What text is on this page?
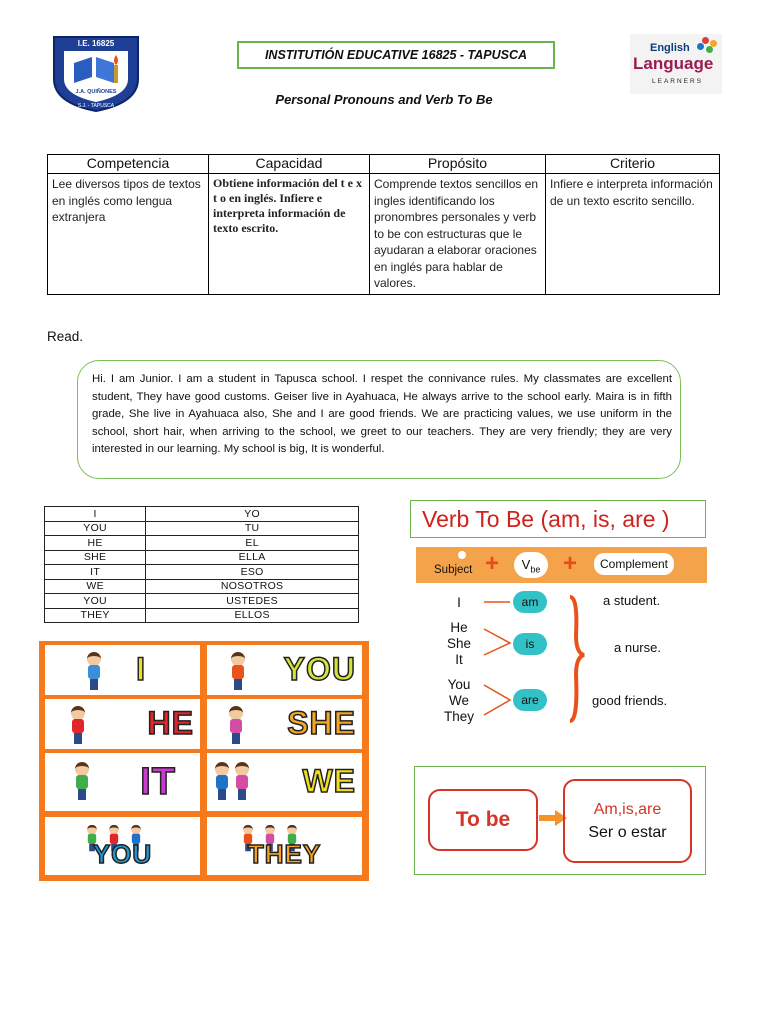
I.E. 16825
J.A. QUIÑONES
S.J. - TAPUSCA
INSTITUTIÓN EDUCATIVE 16825 - TAPUSCA	English
Language
LEARNERS
Personal Pronouns and Verb To Be
Competencia	Capacidad	Propósito	Criterio
Lee diversos tipos de textos en inglés como lengua extranjera	Obtiene información del t e x t o en inglés. Infiere e interpreta información de texto escrito.	Comprende textos sencillos en ingles identificando los pronombres personales y verb to be con estructuras que le ayudaran a elaborar oraciones en inglés para hablar de valores.	Infiere e interpreta información de un texto escrito sencillo.
Read.
Hi. I am Junior. I am a student in Tapusca school. I respet the connivance rules. My classmates are excellent student, They have good customs. Geiser live in Ayahuaca, He always arrive to the school early. Maira is in fifth grade, She live in Ayahuaca also, She and I are good friends. We are practicing values, we use uniform in the school, short hair, when arriving to the school, we greet to our teachers. They are very friendly; they are very interested in our learning. My school is big, It is wonderful.
I	YO
YOU	TU
HE	EL
SHE	ELLA
IT	ESO
WE	NOSOTROS
YOU	USTEDES
THEY	ELLOS
Verb To Be (am, is, are )
Subject +	$V_{be}$ +	Complement
I
He
She
It
You
We
They
am
is
are
a student.
a nurse.
good friends.
I	YOU
HE	SHE
IT	WE
YOU	THEY
To be	Am,is,are
Ser o estar
